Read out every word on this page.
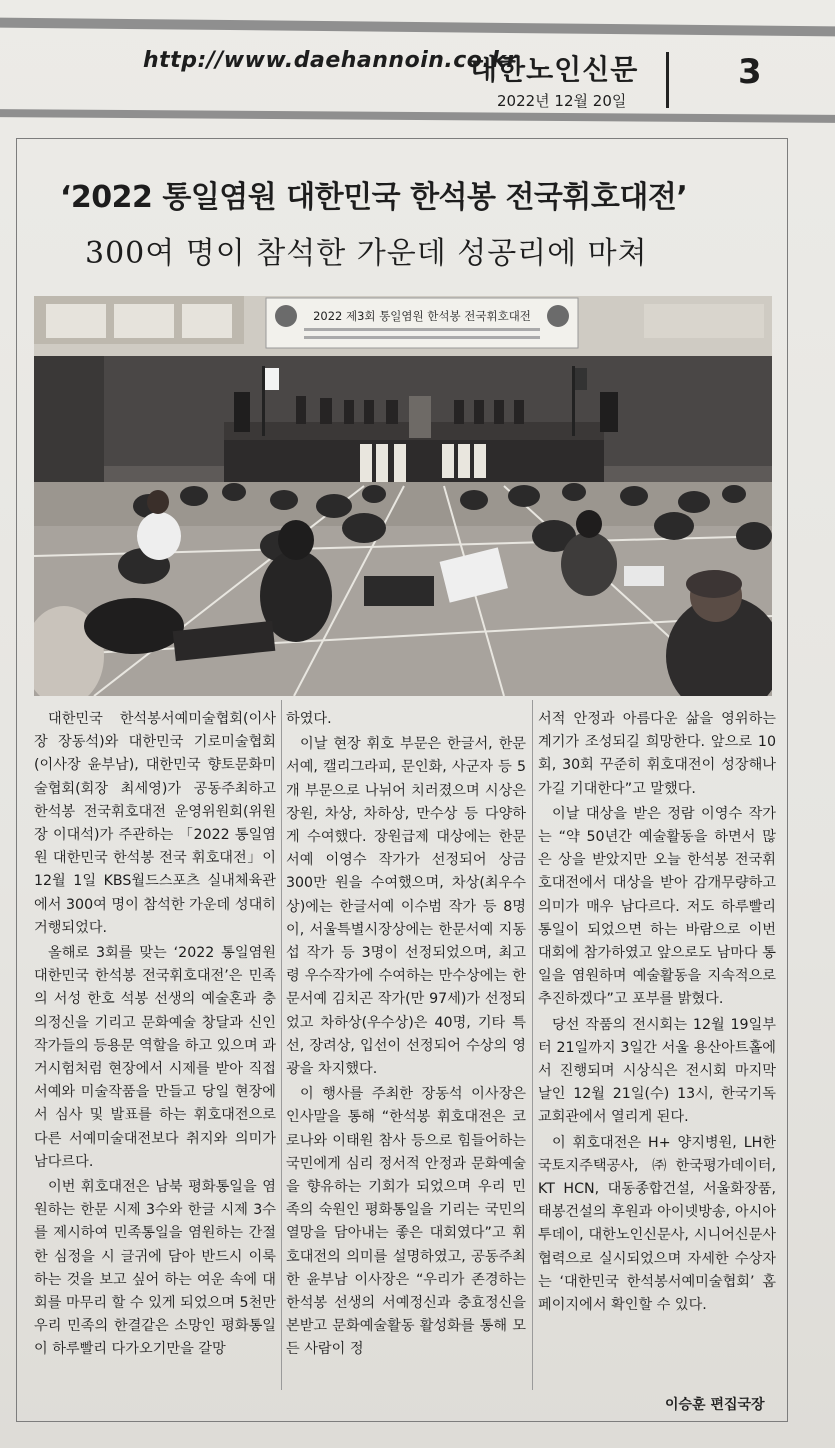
http://www.daehannoin.co.kr
대한노인신문
2022년 12월 20일
3
‘2022 통일염원 대한민국 한석봉 전국휘호대전’
300여 명이 참석한 가운데 성공리에 마쳐
2022 제3회 통일염원 한석봉 전국휘호대전

대한민국 한석봉서예미술협회(이사장 장동석)와 대한민국 기로미술협회(이사장 윤부남), 대한민국 향토문화미술협회(회장 최세영)가 공동주최하고 한석봉 전국휘호대전 운영위원회(위원장 이대석)가 주관하는 「2022 통일염원 대한민국 한석봉 전국 휘호대전」이 12월 1일 KBS월드스포츠 실내체육관에서 300여 명이 참석한 가운데 성대히 거행되었다.

올해로 3회를 맞는 ‘2022 통일염원 대한민국 한석봉 전국휘호대전’은 민족의 서성 한호 석봉 선생의 예술혼과 충의정신을 기리고 문화예술 창달과 신인 작가들의 등용문 역할을 하고 있으며 과거시험처럼 현장에서 시제를 받아 직접 서예와 미술작품을 만들고 당일 현장에서 심사 및 발표를 하는 휘호대전으로 다른 서예미술대전보다 취지와 의미가 남다르다.

이번 휘호대전은 남북 평화통일을 염원하는 한문 시제 3수와 한글 시제 3수를 제시하여 민족통일을 염원하는 간절한 심정을 시 글귀에 담아 반드시 이룩하는 것을 보고 싶어 하는 여운 속에 대회를 마무리 할 수 있게 되었으며 5천만 우리 민족의 한결같은 소망인 평화통일이 하루빨리 다가오기만을 갈망

하였다.

이날 현장 휘호 부문은 한글서, 한문서예, 캘리그라피, 문인화, 사군자 등 5개 부문으로 나뉘어 치러졌으며 시상은 장원, 차상, 차하상, 만수상 등 다양하게 수여했다. 장원급제 대상에는 한문서예 이영수 작가가 선정되어 상금 300만 원을 수여했으며, 차상(최우수상)에는 한글서예 이수범 작가 등 8명이, 서울특별시장상에는 한문서예 지동섭 작가 등 3명이 선정되었으며, 최고령 우수작가에 수여하는 만수상에는 한문서예 김치곤 작가(만 97세)가 선정되었고 차하상(우수상)은 40명, 기타 특선, 장려상, 입선이 선정되어 수상의 영광을 차지했다.

이 행사를 주최한 장동석 이사장은 인사말을 통해 “한석봉 휘호대전은 코로나와 이태원 참사 등으로 힘들어하는 국민에게 심리 정서적 안정과 문화예술을 향유하는 기회가 되었으며 우리 민족의 숙원인 평화통일을 기리는 국민의 열망을 담아내는 좋은 대회였다”고 휘호대전의 의미를 설명하였고, 공동주최한 윤부남 이사장은 “우리가 존경하는 한석봉 선생의 서예정신과 충효정신을 본받고 문화예술활동 활성화를 통해 모든 사람이 정

서적 안정과 아름다운 삶을 영위하는 계기가 조성되길 희망한다. 앞으로 10회, 30회 꾸준히 휘호대전이 성장해나가길 기대한다”고 말했다.

이날 대상을 받은 정람 이영수 작가는 “약 50년간 예술활동을 하면서 많은 상을 받았지만 오늘 한석봉 전국휘호대전에서 대상을 받아 감개무량하고 의미가 매우 남다르다. 저도 하루빨리 통일이 되었으면 하는 바람으로 이번 대회에 참가하였고 앞으로도 남마다 통일을 염원하며 예술활동을 지속적으로 추진하겠다”고 포부를 밝혔다.

당선 작품의 전시회는 12월 19일부터 21일까지 3일간 서울 용산아트홀에서 진행되며 시상식은 전시회 마지막 날인 12월 21일(수) 13시, 한국기독교회관에서 열리게 된다.

이 휘호대전은 H+ 양지병원, LH한국토지주택공사, ㈜한국평가데이터, KT HCN, 대동종합건설, 서울화장품, 태봉건설의 후원과 아이넷방송, 아시아투데이, 대한노인신문사, 시니어신문사 협력으로 실시되었으며 자세한 수상자는 ‘대한민국 한석봉서예미술협회’ 홈페이지에서 확인할 수 있다.

이승훈 편집국장
